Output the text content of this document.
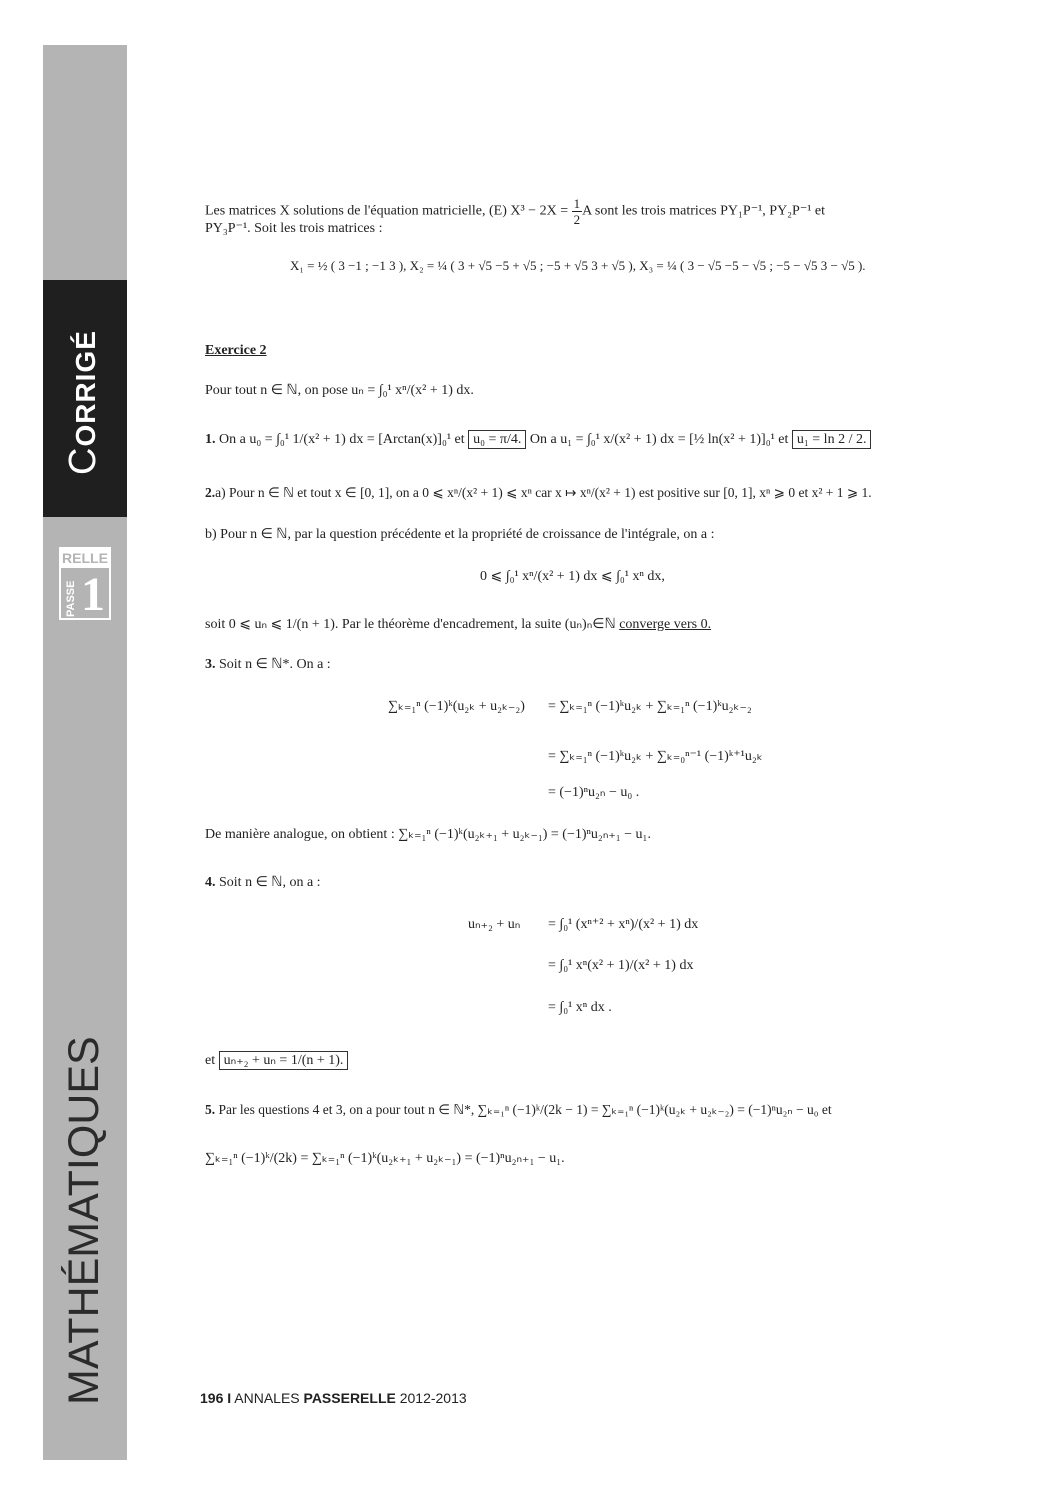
CORRIGÉ
RELLE
PASSE 1
MATHÉMATIQUES
Les matrices X solutions de l'équation matricielle, (E) $X^3 - 2X = \frac{1}{2}$ A sont les trois matrices PY₁P⁻¹, PY₂P⁻¹ et
PY₃P⁻¹. Soit les trois matrices :
X₁ = ½ ( 3 −1 ; −1 3 ), X₂ = ¼ ( 3 + √5 −5 + √5 ; −5 + √5 3 + √5 ), X₃ = ¼ ( 3 − √5 −5 − √5 ; −5 − √5 3 − √5 ).
Exercice 2
Pour tout n ∈ ℕ, on pose uₙ = ∫₀¹ xⁿ/(x² + 1) dx.
1. On a u₀ = ∫₀¹ 1/(x² + 1) dx = [Arctan(x)]₀¹ et u₀ = π/4. On a u₁ = ∫₀¹ x/(x² + 1) dx = [½ ln(x² + 1)]₀¹ et u₁ = ln 2 / 2.
2.a) Pour n ∈ ℕ et tout x ∈ [0, 1], on a 0 ⩽ xⁿ/(x² + 1) ⩽ xⁿ car x ↦ xⁿ/(x² + 1) est positive sur [0, 1], xⁿ ⩾ 0 et x² + 1 ⩾ 1.
b) Pour n ∈ ℕ, par la question précédente et la propriété de croissance de l'intégrale, on a :
0 ⩽ ∫₀¹ xⁿ/(x² + 1) dx ⩽ ∫₀¹ xⁿ dx,
soit 0 ⩽ uₙ ⩽ 1/(n + 1). Par le théorème d'encadrement, la suite (uₙ)ₙ∈ℕ converge vers 0.
3. Soit n ∈ ℕ*. On a :
∑ₖ₌₁ⁿ (−1)ᵏ(u₂ₖ + u₂ₖ₋₂) = ∑ₖ₌₁ⁿ (−1)ᵏu₂ₖ + ∑ₖ₌₁ⁿ (−1)ᵏu₂ₖ₋₂
= ∑ₖ₌₁ⁿ (−1)ᵏu₂ₖ + ∑ₖ₌₀ⁿ⁻¹ (−1)ᵏ⁺¹u₂ₖ
= (−1)ⁿu₂ₙ − u₀ .
De manière analogue, on obtient : ∑ₖ₌₁ⁿ (−1)ᵏ(u₂ₖ₊₁ + u₂ₖ₋₁) = (−1)ⁿu₂ₙ₊₁ − u₁.
4. Soit n ∈ ℕ, on a :
uₙ₊₂ + uₙ = ∫₀¹ (xⁿ⁺² + xⁿ)/(x² + 1) dx
= ∫₀¹ xⁿ(x² + 1)/(x² + 1) dx
= ∫₀¹ xⁿ dx .
et uₙ₊₂ + uₙ = 1/(n + 1).
5. Par les questions 4 et 3, on a pour tout n ∈ ℕ*, ∑ₖ₌₁ⁿ (−1)ᵏ/(2k − 1) = ∑ₖ₌₁ⁿ (−1)ᵏ(u₂ₖ + u₂ₖ₋₂) = (−1)ⁿu₂ₙ − u₀ et
∑ₖ₌₁ⁿ (−1)ᵏ/(2k) = ∑ₖ₌₁ⁿ (−1)ᵏ(u₂ₖ₊₁ + u₂ₖ₋₁) = (−1)ⁿu₂ₙ₊₁ − u₁.
196 I ANNALES PASSERELLE 2012-2013
